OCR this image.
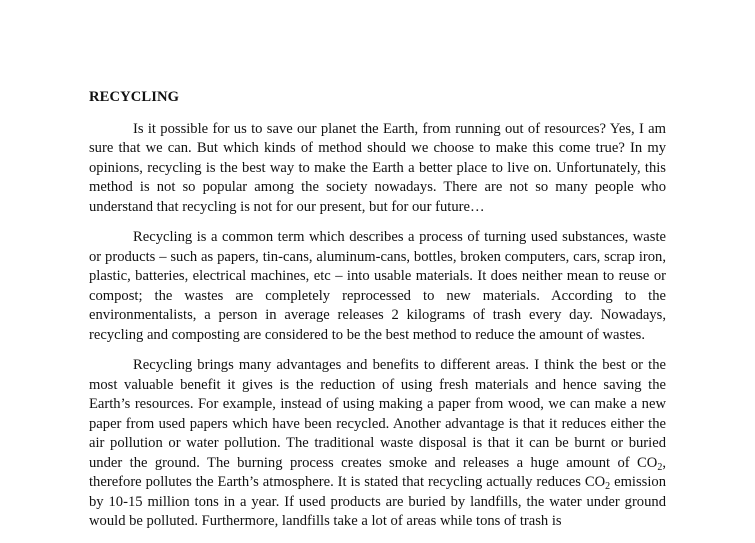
RECYCLING

Is it possible for us to save our planet the Earth, from running out of resources? Yes, I am sure that we can. But which kinds of method should we choose to make this come true? In my opinions, recycling is the best way to make the Earth a better place to live on. Unfortunately, this method is not so popular among the society nowadays. There are not so many people who understand that recycling is not for our present, but for our future…

Recycling is a common term which describes a process of turning used substances, waste or products – such as papers, tin-cans, aluminum-cans, bottles, broken computers, cars, scrap iron, plastic, batteries, electrical machines, etc – into usable materials. It does neither mean to reuse or compost; the wastes are completely reprocessed to new materials. According to the environmentalists, a person in average releases 2 kilograms of trash every day. Nowadays, recycling and composting are considered to be the best method to reduce the amount of wastes.

Recycling brings many advantages and benefits to different areas. I think the best or the most valuable benefit it gives is the reduction of using fresh materials and hence saving the Earth’s resources. For example, instead of using making a paper from wood, we can make a new paper from used papers which have been recycled. Another advantage is that it reduces either the air pollution or water pollution. The traditional waste disposal is that it can be burnt or buried under the ground. The burning process creates smoke and releases a huge amount of $CO_2$, therefore pollutes the Earth’s atmosphere. It is stated that recycling actually reduces $CO_2$ emission by 10-15 million tons in a year. If used products are buried by landfills, the water under ground would be polluted. Furthermore, landfills take a lot of areas while tons of trash is
